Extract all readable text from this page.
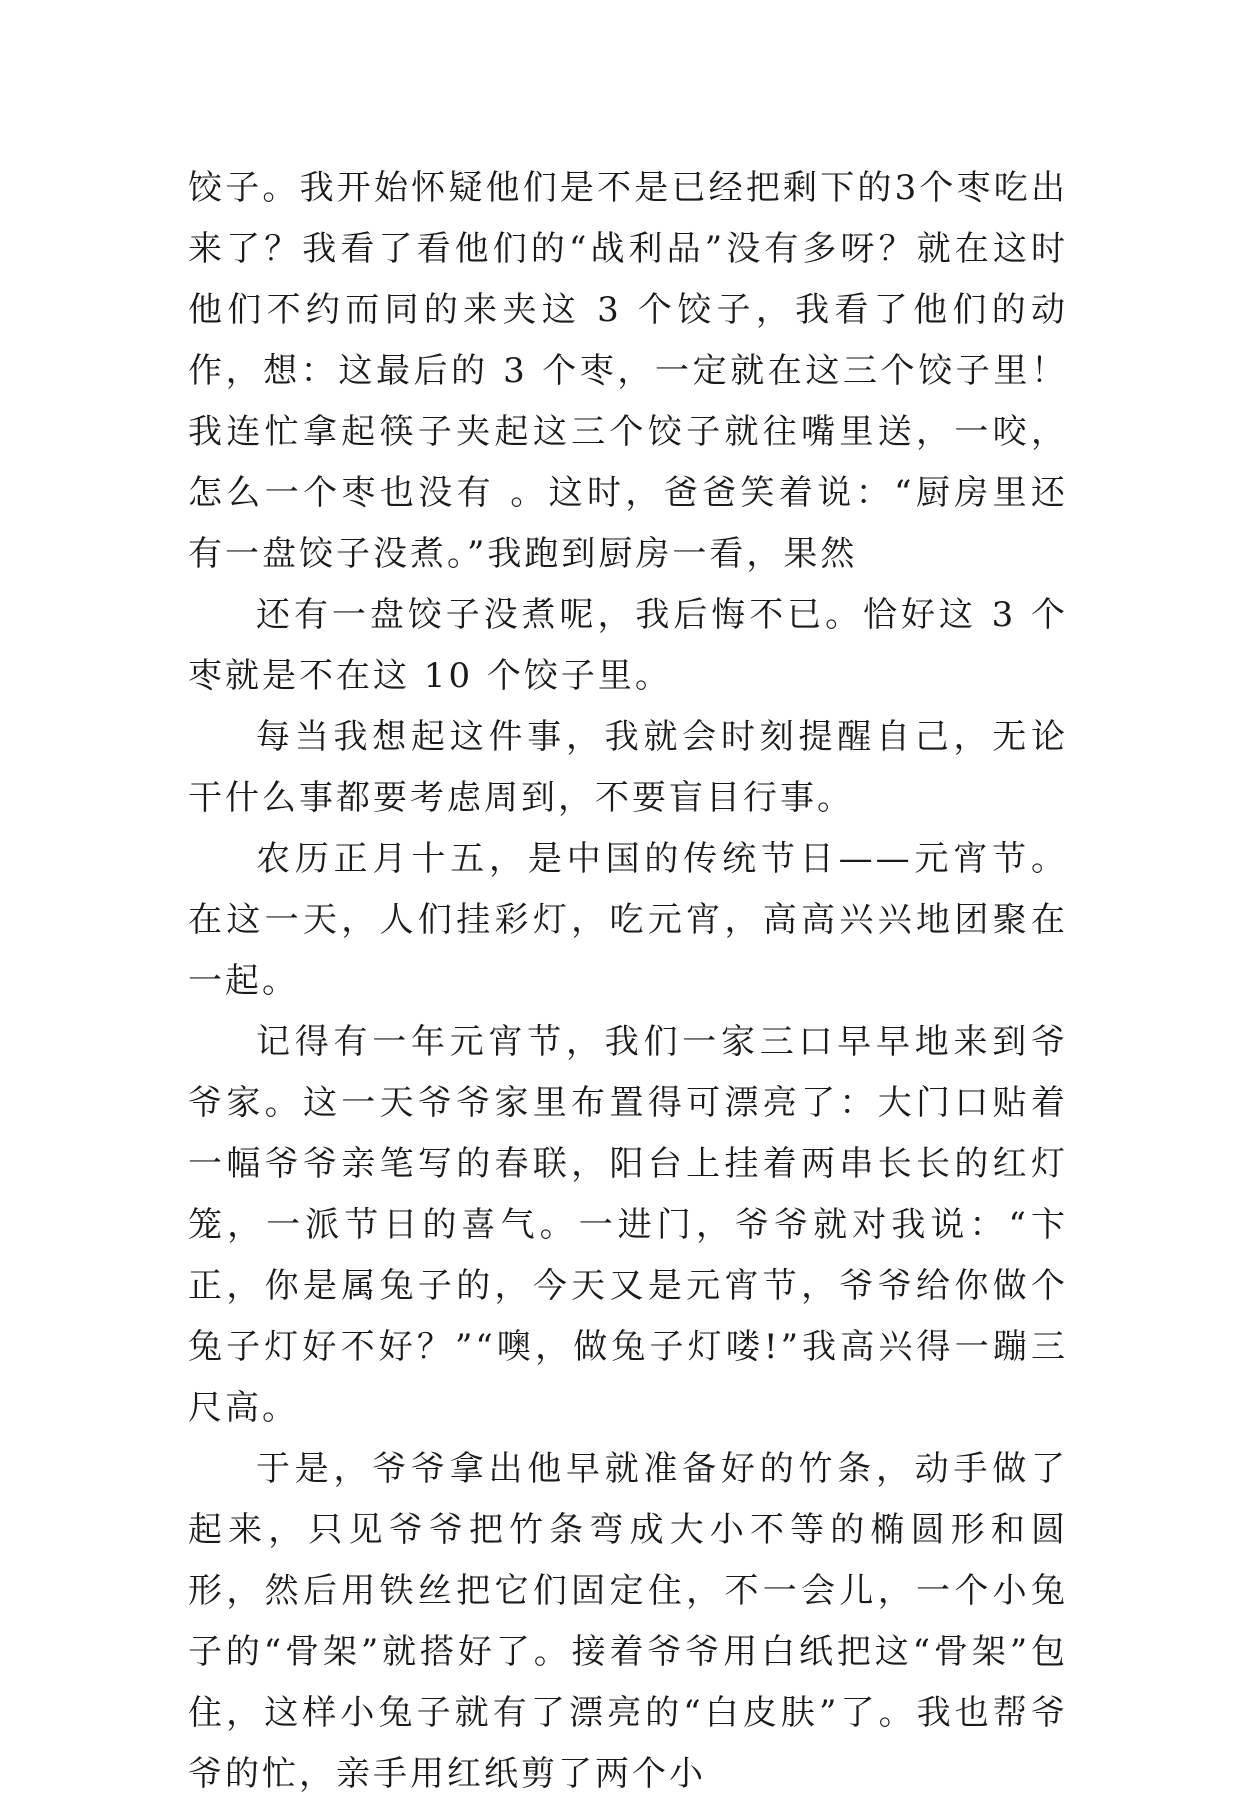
饺子。我开始怀疑他们是不是已经把剩下的3个枣吃出来了？我看了看他们的“战利品”没有多呀？就在这时他们不约而同的来夹这 3 个饺子，我看了他们的动作，想：这最后的 3 个枣，一定就在这三个饺子里！我连忙拿起筷子夹起这三个饺子就往嘴里送，一咬，怎么一个枣也没有 。这时，爸爸笑着说：“厨房里还有一盘饺子没煮。”我跑到厨房一看，果然

还有一盘饺子没煮呢，我后悔不已。恰好这 3 个枣就是不在这 10 个饺子里。

每当我想起这件事，我就会时刻提醒自己，无论干什么事都要考虑周到，不要盲目行事。

农历正月十五，是中国的传统节日——元宵节。在这一天，人们挂彩灯，吃元宵，高高兴兴地团聚在一起。

记得有一年元宵节，我们一家三口早早地来到爷爷家。这一天爷爷家里布置得可漂亮了：大门口贴着一幅爷爷亲笔写的春联，阳台上挂着两串长长的红灯笼，一派节日的喜气。一进门，爷爷就对我说：“卞正，你是属兔子的，今天又是元宵节，爷爷给你做个兔子灯好不好？”“噢，做兔子灯喽!”我高兴得一蹦三尺高。

于是，爷爷拿出他早就准备好的竹条，动手做了起来，只见爷爷把竹条弯成大小不等的椭圆形和圆形，然后用铁丝把它们固定住，不一会儿，一个小兔子的“骨架”就搭好了。接着爷爷用白纸把这“骨架”包住，这样小兔子就有了漂亮的“白皮肤”了。我也帮爷爷的忙，亲手用红纸剪了两个小
